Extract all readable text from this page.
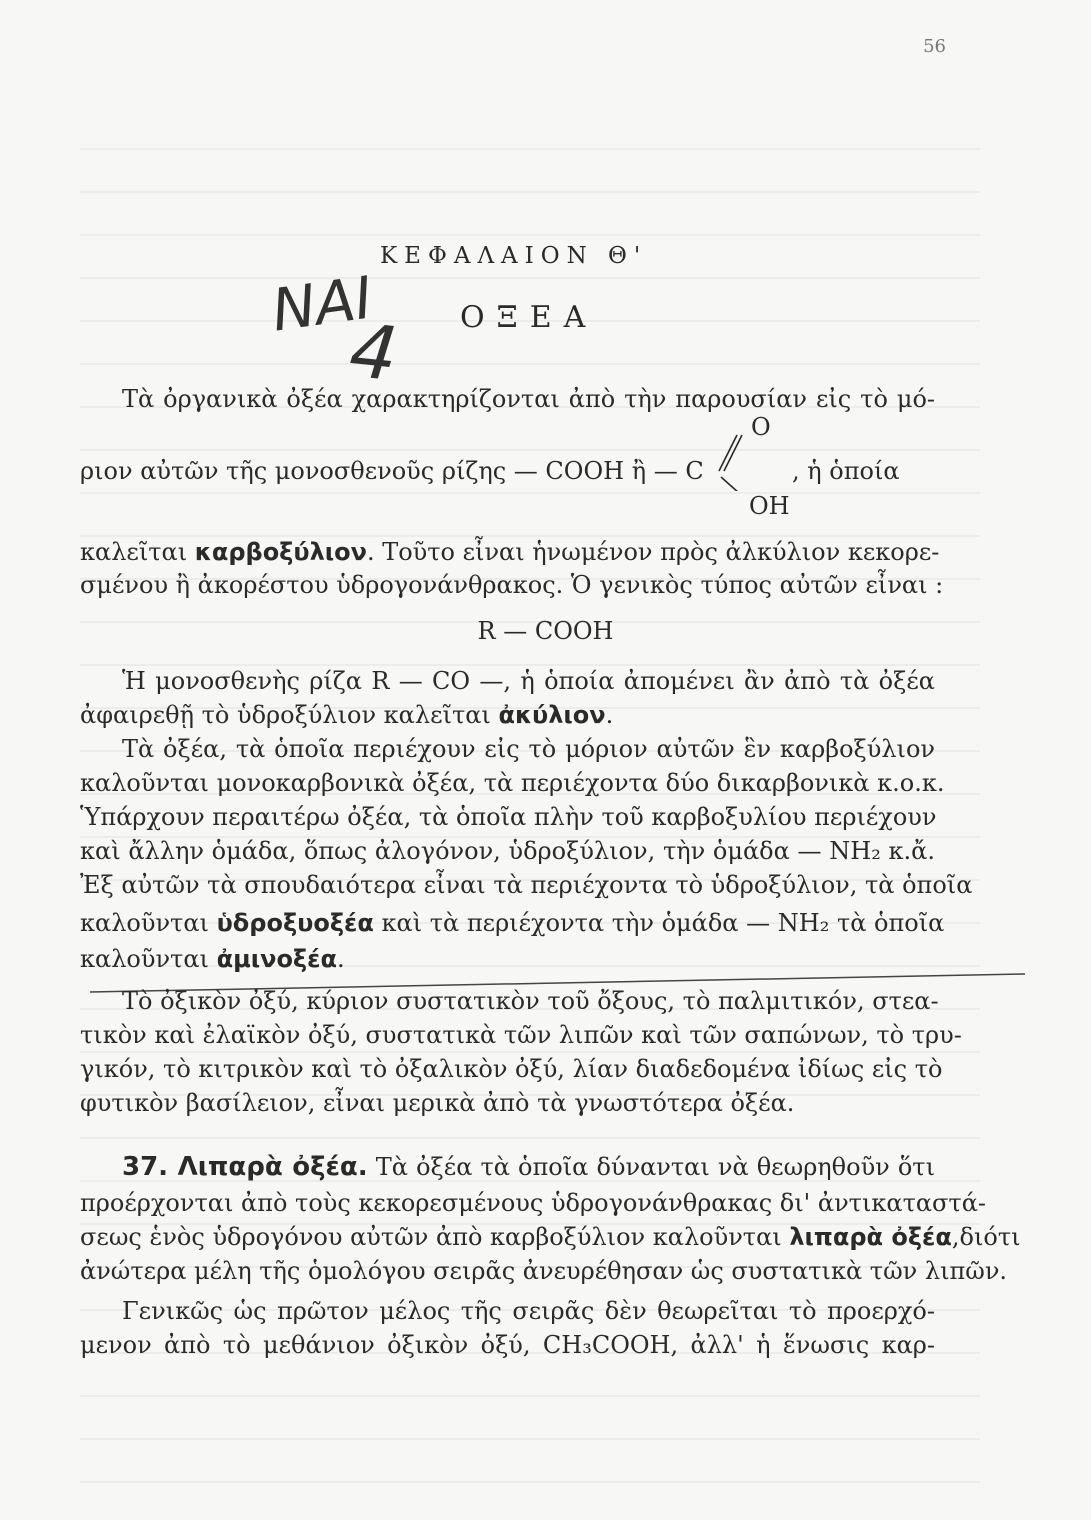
56
ΚΕΦΑΛΑΙΟΝ Θ'
ΝΑΙ
4 ΟΞΕΑ
Τὰ ὀργανικὰ ὀξέα χαρακτηρίζονται ἀπὸ τὴν παρουσίαν εἰς τὸ μό-
O
ριον αὐτῶν τῆς μονοσθενοῦς ρίζης — COOH ἢ — C	, ἡ ὁποία
OH
καλεῖται καρβοξύλιον. Τοῦτο εἶναι ἡνωμένον πρὸς ἀλκύλιον κεκορε-
σμένου ἢ ἀκορέστου ὑδρογονάνθρακος. Ὁ γενικὸς τύπος αὐτῶν εἶναι :
R — COOH
Ἡ μονοσθενὴς ρίζα R — CO —, ἡ ὁποία ἀπομένει ἂν ἀπὸ τὰ ὀξέα
ἀφαιρεθῇ τὸ ὑδροξύλιον καλεῖται ἀκύλιον.
Τὰ ὀξέα, τὰ ὁποῖα περιέχουν εἰς τὸ μόριον αὐτῶν ἓν καρβοξύλιον
καλοῦνται μονοκαρβονικὰ ὀξέα, τὰ περιέχοντα δύο δικαρβονικὰ κ.ο.κ.
Ὑπάρχουν περαιτέρω ὀξέα, τὰ ὁποῖα πλὴν τοῦ καρβοξυλίου περιέχουν
καὶ ἄλλην ὁμάδα, ὅπως ἀλογόνον, ὑδροξύλιον, τὴν ὁμάδα — NH₂ κ.ἄ.
Ἐξ αὐτῶν τὰ σπουδαιότερα εἶναι τὰ περιέχοντα τὸ ὑδροξύλιον, τὰ ὁποῖα
καλοῦνται ὑδροξυοξέα καὶ τὰ περιέχοντα τὴν ὁμάδα — NH₂ τὰ ὁποῖα
καλοῦνται ἀμινοξέα.
Τὸ ὀξικὸν ὀξύ, κύριον συστατικὸν τοῦ ὄξους, τὸ παλμιτικόν, στεα-
τικὸν καὶ ἐλαϊκὸν ὀξύ, συστατικὰ τῶν λιπῶν καὶ τῶν σαπώνων, τὸ τρυ-
γικόν, τὸ κιτρικὸν καὶ τὸ ὀξαλικὸν ὀξύ, λίαν διαδεδομένα ἰδίως εἰς τὸ
φυτικὸν βασίλειον, εἶναι μερικὰ ἀπὸ τὰ γνωστότερα ὀξέα.
37. Λιπαρὰ ὀξέα. Τὰ ὀξέα τὰ ὁποῖα δύνανται νὰ θεωρηθοῦν ὅτι
προέρχονται ἀπὸ τοὺς κεκορεσμένους ὑδρογονάνθρακας δι' ἀντικαταστά-
σεως ἑνὸς ὑδρογόνου αὐτῶν ἀπὸ καρβοξύλιον καλοῦνται λιπαρὰ ὀξέα,διότι
ἀνώτερα μέλη τῆς ὁμολόγου σειρᾶς ἀνευρέθησαν ὡς συστατικὰ τῶν λιπῶν.
Γενικῶς ὡς πρῶτον μέλος τῆς σειρᾶς δὲν θεωρεῖται τὸ προερχό-
μενον ἀπὸ τὸ μεθάνιον ὀξικὸν ὀξύ, CH₃COOH, ἀλλ' ἡ ἕνωσις καρ-
